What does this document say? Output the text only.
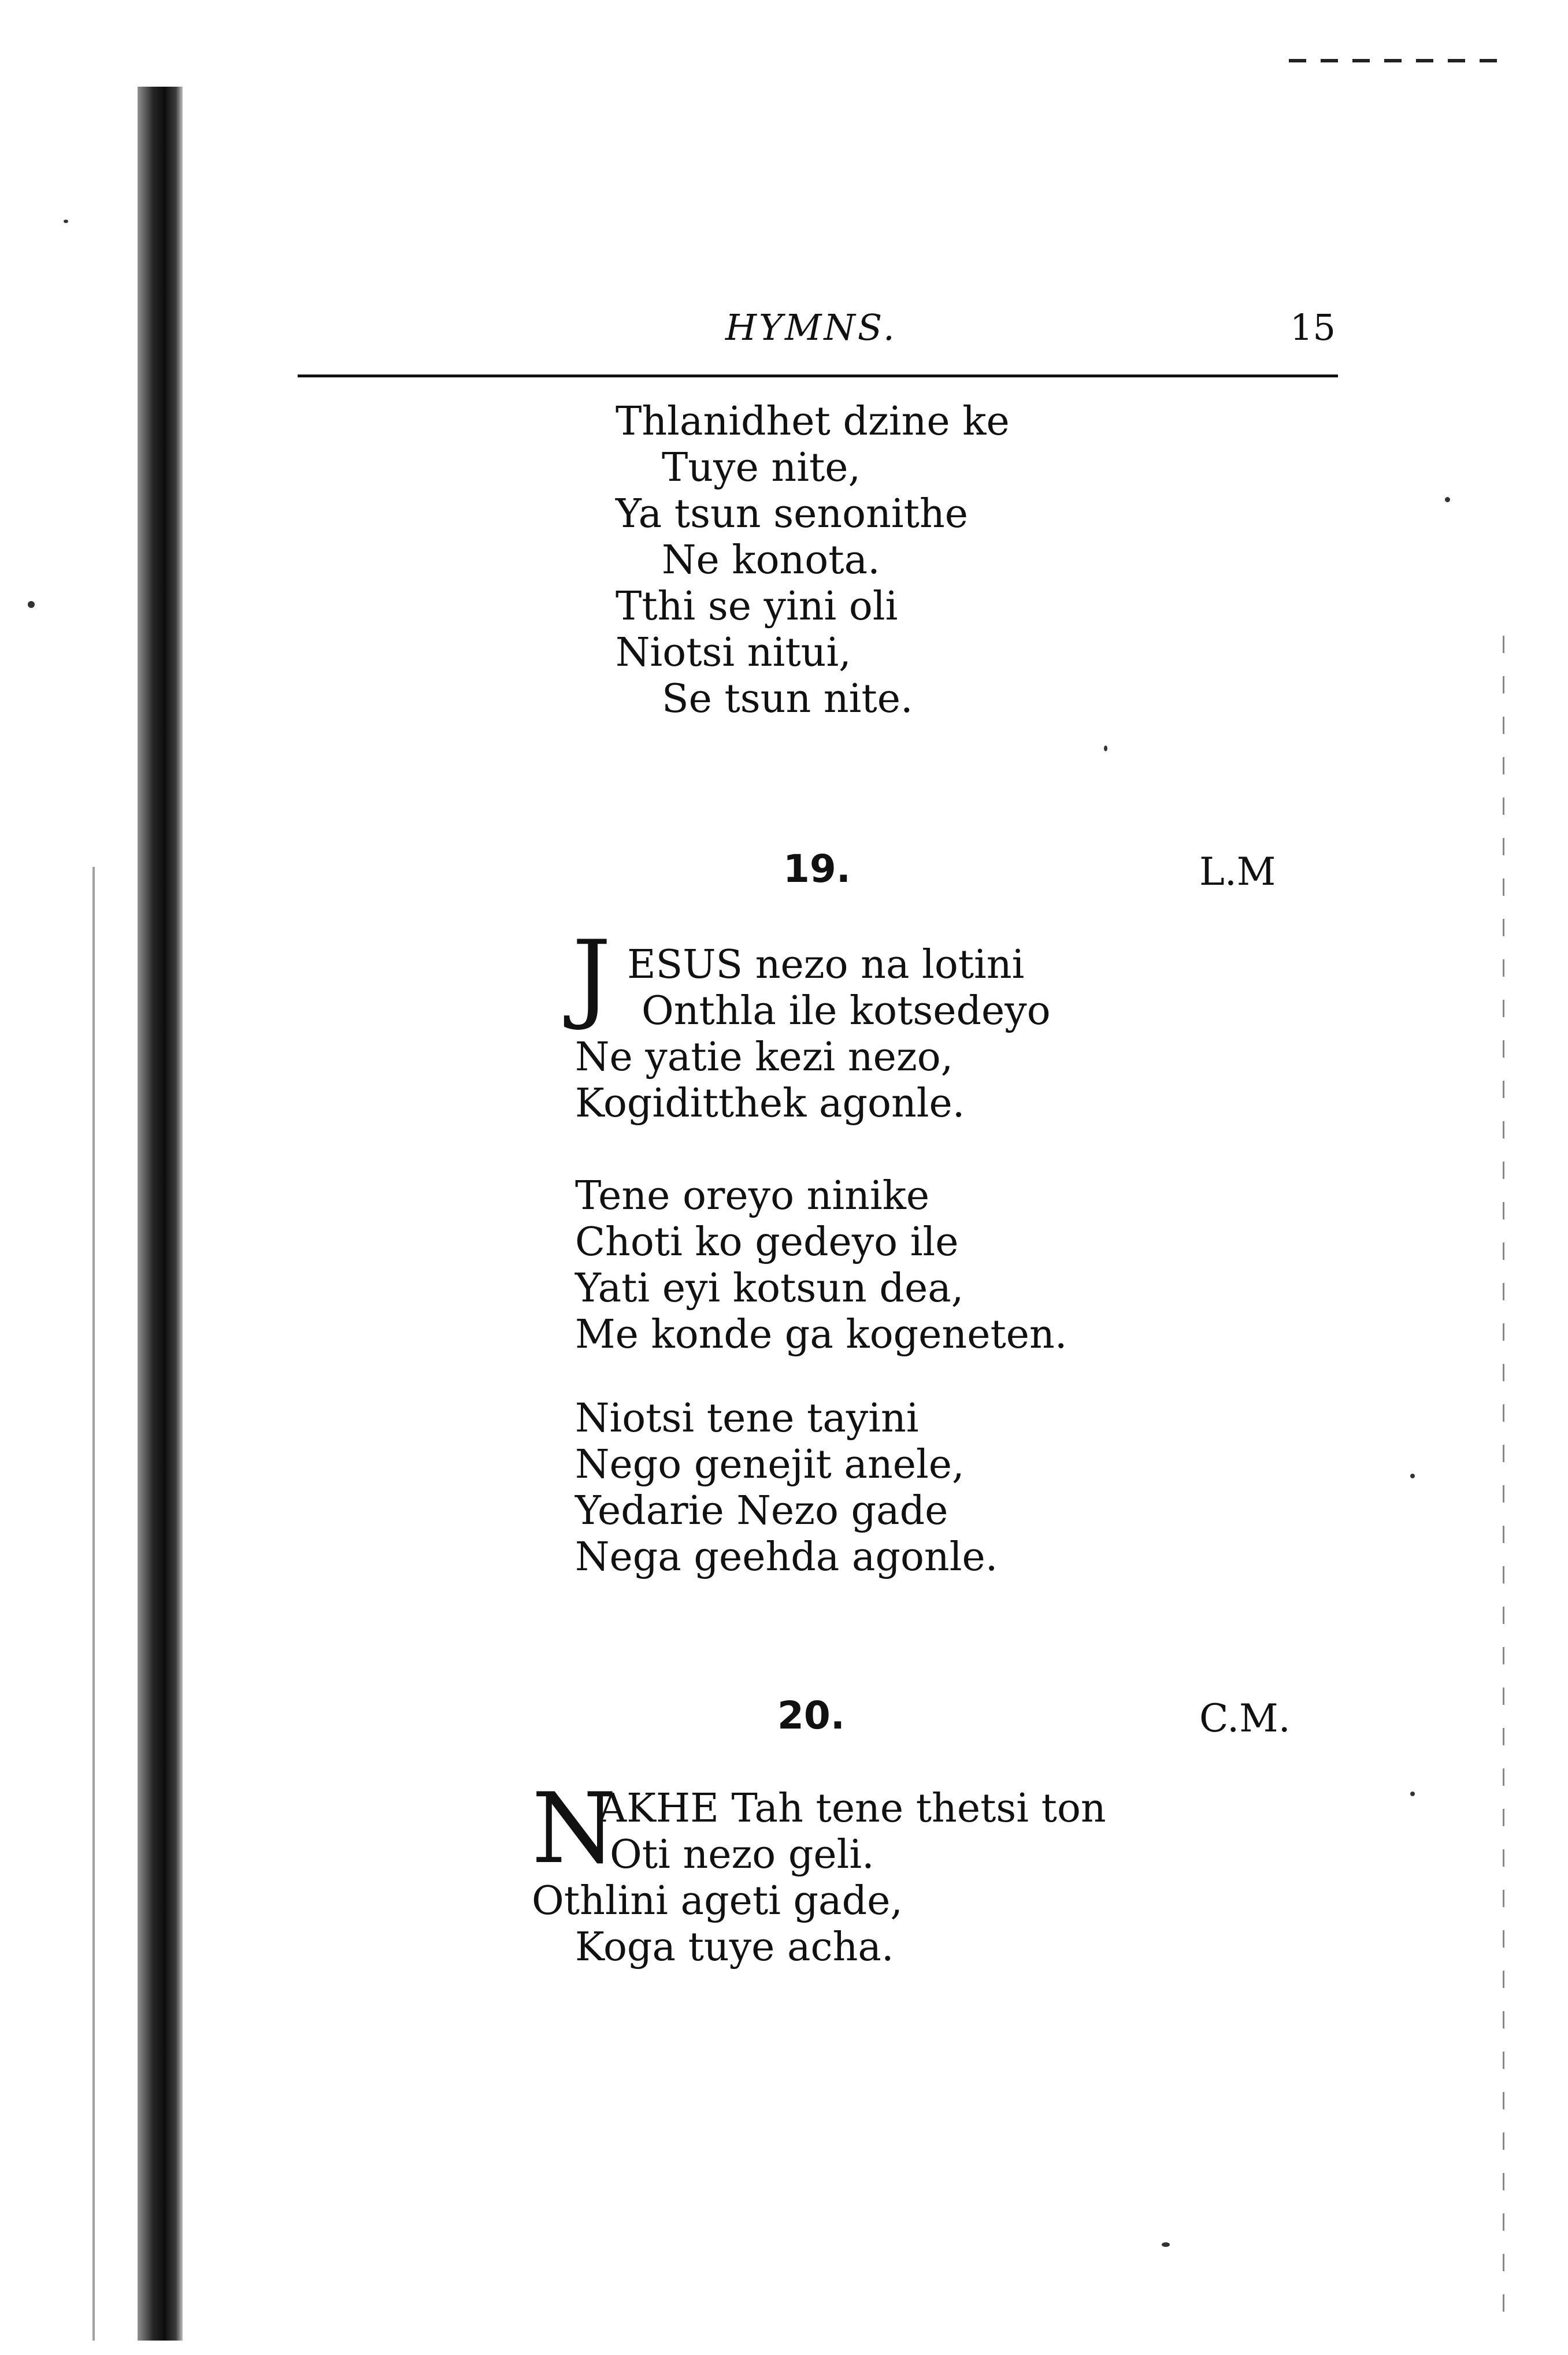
HYMNS.	15
Thlanidhet dzine ke
Tuye nite,
Ya tsun senonithe
Ne konota.
Tthi se yini oli
Niotsi nitui,
Se tsun nite.
19.	L.M
J ESUS nezo na lotini
Onthla ile kotsedeyo
Ne yatie kezi nezo,
Kogiditthek agonle.
Tene oreyo ninike
Choti ko gedeyo ile
Yati eyi kotsun dea,
Me konde ga kogeneten.
Niotsi tene tayini
Nego genejit anele,
Yedarie Nezo gade
Nega geehda agonle.
20.	C.M.
N
AKHE Tah tene thetsi ton
Oti nezo geli.
Othlini ageti gade,
Koga tuye acha.
